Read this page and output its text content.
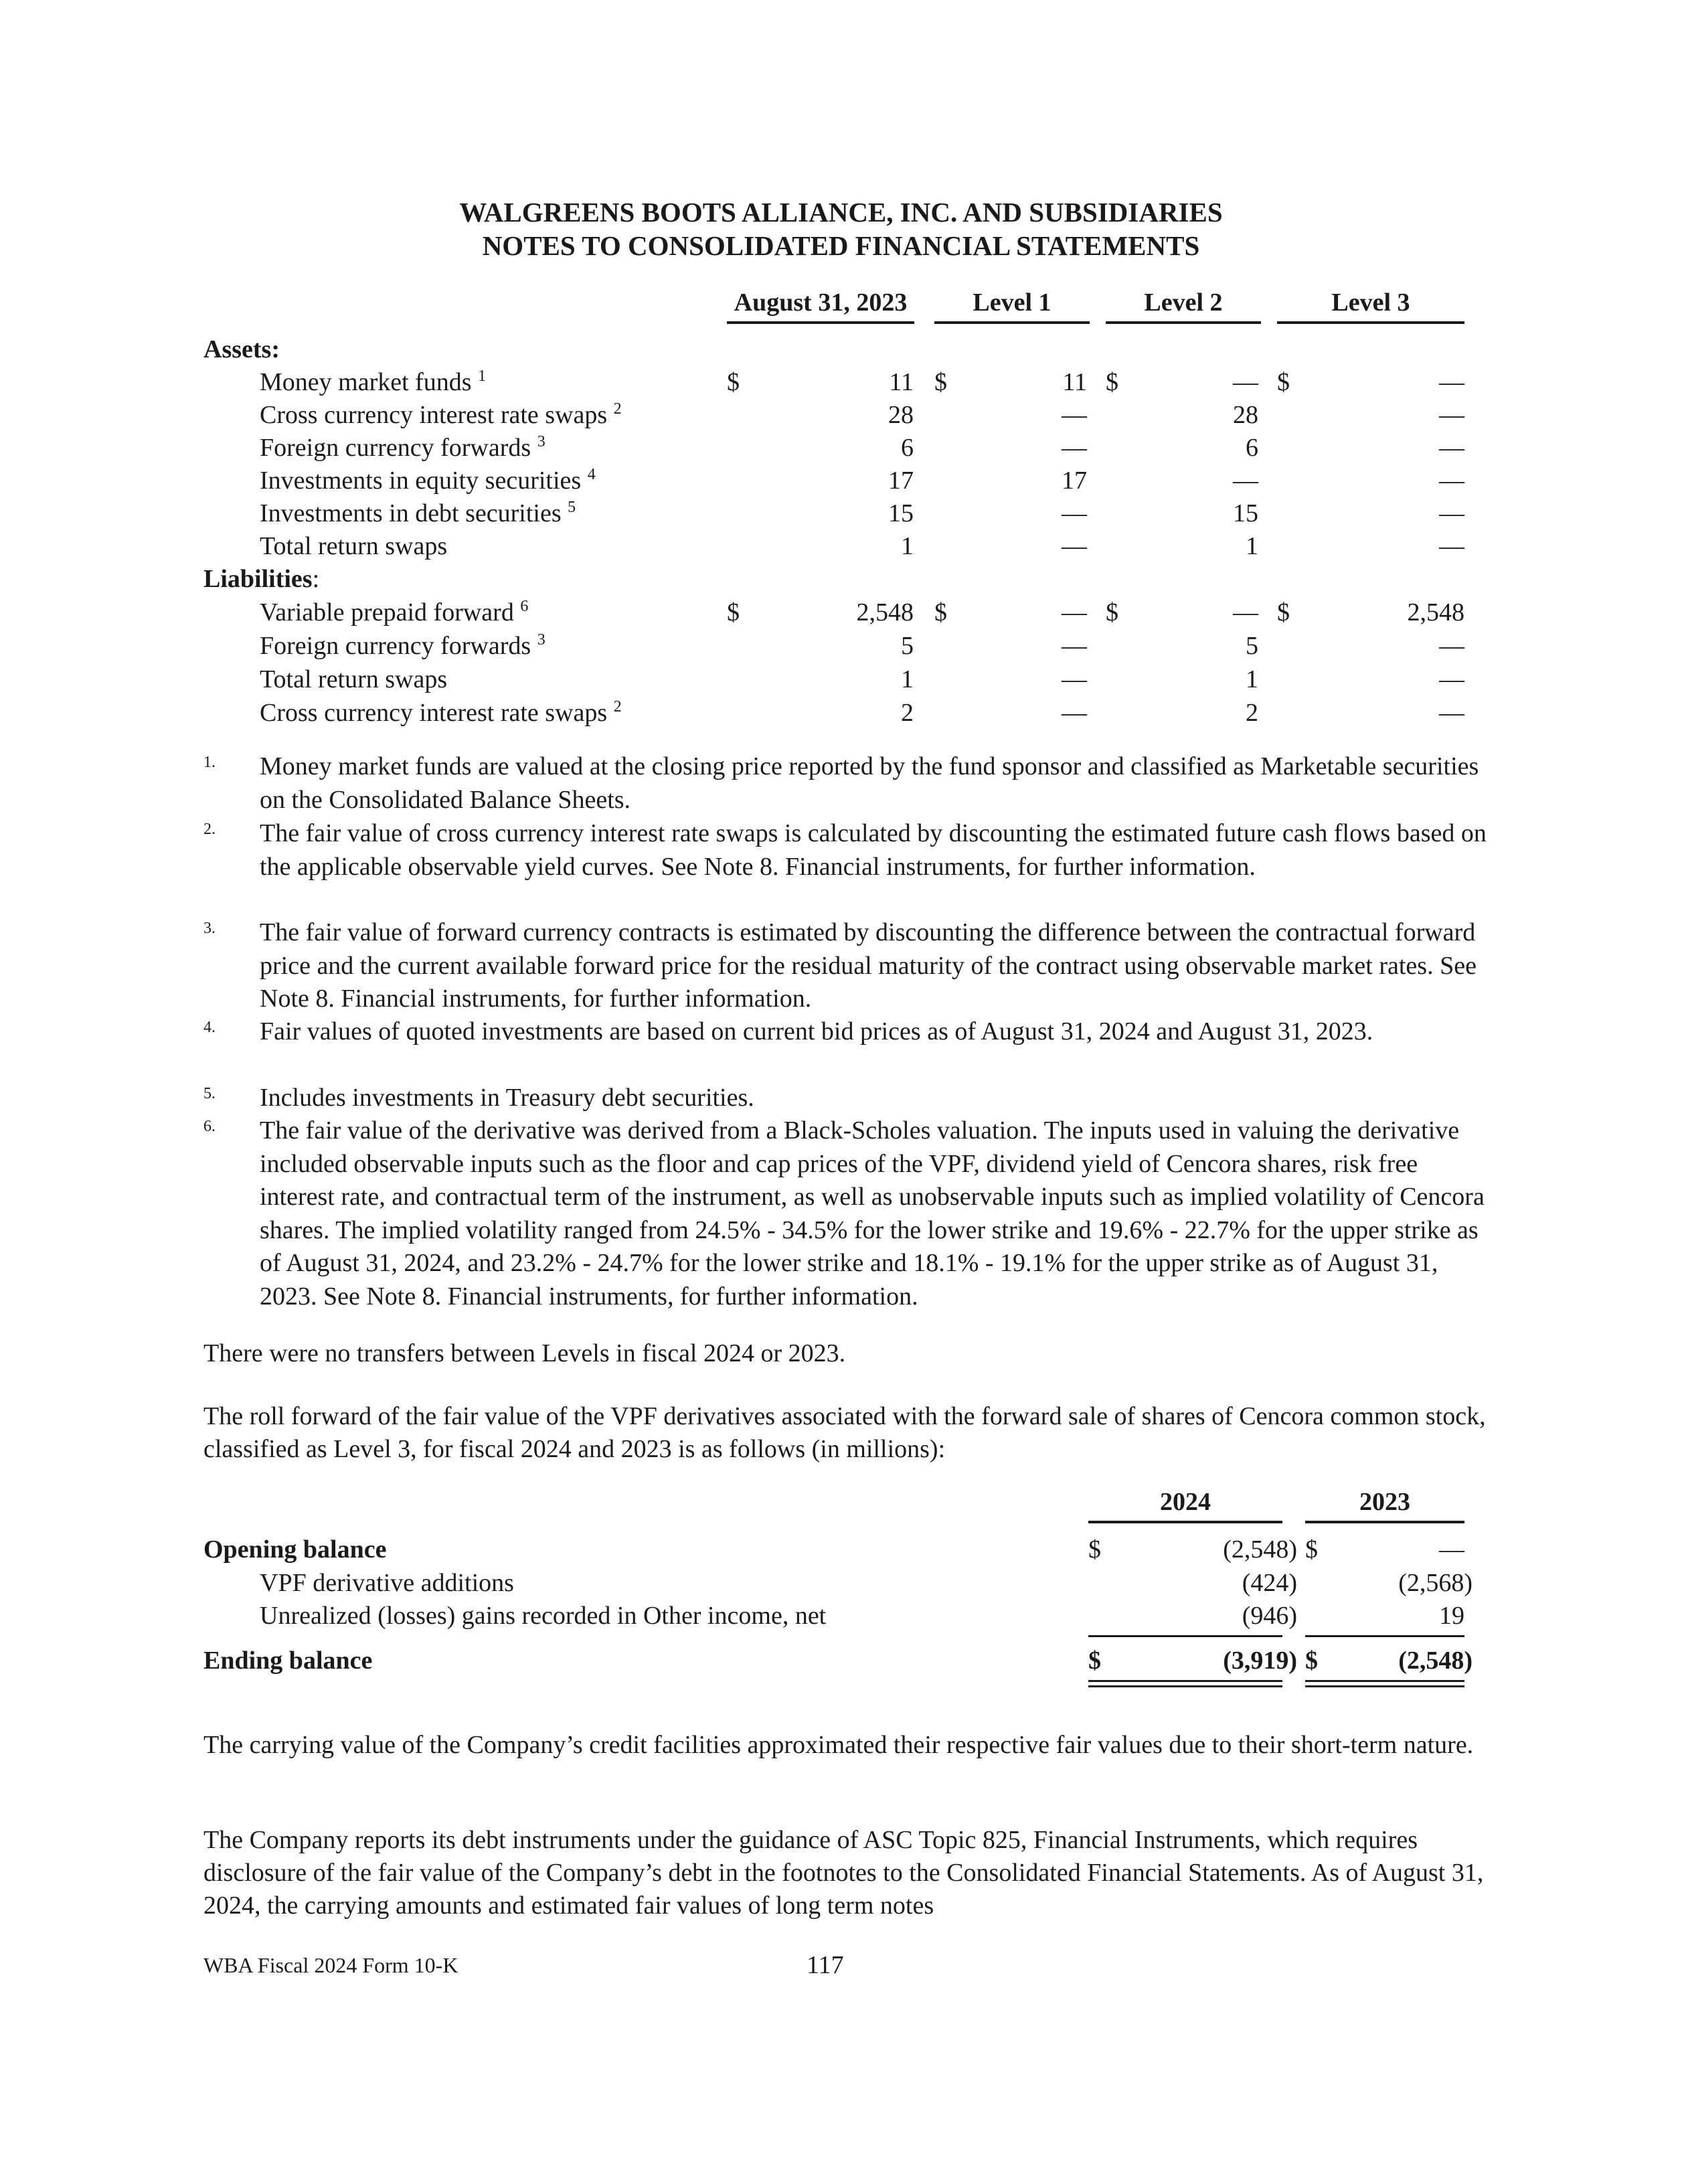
WALGREENS BOOTS ALLIANCE, INC. AND SUBSIDIARIES
NOTES TO CONSOLIDATED FINANCIAL STATEMENTS
August 31, 2023	Level 1	Level 2	Level 3
Assets:
Money market funds $^1$	$	11 $	11 $	— $	—
Cross currency interest rate swaps $^2$	28	—	28	—
Foreign currency forwards $^3$	6	—	6	—
Investments in equity securities $^4$	17	17	—	—
Investments in debt securities $^5$	15	—	15	—
Total return swaps	1	—	1	—
Liabilities:
Variable prepaid forward $^6$	$	2,548 $	— $	— $	2,548
Foreign currency forwards $^3$	5	—	5	—
Total return swaps	1	—	1	—
Cross currency interest rate swaps $^2$	2	—	2	—
1. Money market funds are valued at the closing price reported by the fund sponsor and classified as Marketable securities on the Consolidated Balance Sheets.
2. The fair value of cross currency interest rate swaps is calculated by discounting the estimated future cash flows based on the applicable observable yield curves. See Note 8. Financial instruments, for further information.
3. The fair value of forward currency contracts is estimated by discounting the difference between the contractual forward price and the current available forward price for the residual maturity of the contract using observable market rates. See Note 8. Financial instruments, for further information.
4. Fair values of quoted investments are based on current bid prices as of August 31, 2024 and August 31, 2023.
5. Includes investments in Treasury debt securities.
6. The fair value of the derivative was derived from a Black-Scholes valuation. The inputs used in valuing the derivative included observable inputs such as the floor and cap prices of the VPF, dividend yield of Cencora shares, risk free interest rate, and contractual term of the instrument, as well as unobservable inputs such as implied volatility of Cencora shares. The implied volatility ranged from 24.5% - 34.5% for the lower strike and 19.6% - 22.7% for the upper strike as of August 31, 2024, and 23.2% - 24.7% for the lower strike and 18.1% - 19.1% for the upper strike as of August 31, 2023. See Note 8. Financial instruments, for further information.
There were no transfers between Levels in fiscal 2024 or 2023.
The roll forward of the fair value of the VPF derivatives associated with the forward sale of shares of Cencora common stock, classified as Level 3, for fiscal 2024 and 2023 is as follows (in millions):
2024	2023
Opening balance	$	(2,548) $	—
VPF derivative additions	(424)	(2,568)
Unrealized (losses) gains recorded in Other income, net	(946)	19
Ending balance	$	(3,919) $	(2,548)
The carrying value of the Company’s credit facilities approximated their respective fair values due to their short-term nature.
The Company reports its debt instruments under the guidance of ASC Topic 825, Financial Instruments, which requires disclosure of the fair value of the Company’s debt in the footnotes to the Consolidated Financial Statements. As of August 31, 2024, the carrying amounts and estimated fair values of long term notes
WBA Fiscal 2024 Form 10-K	117
